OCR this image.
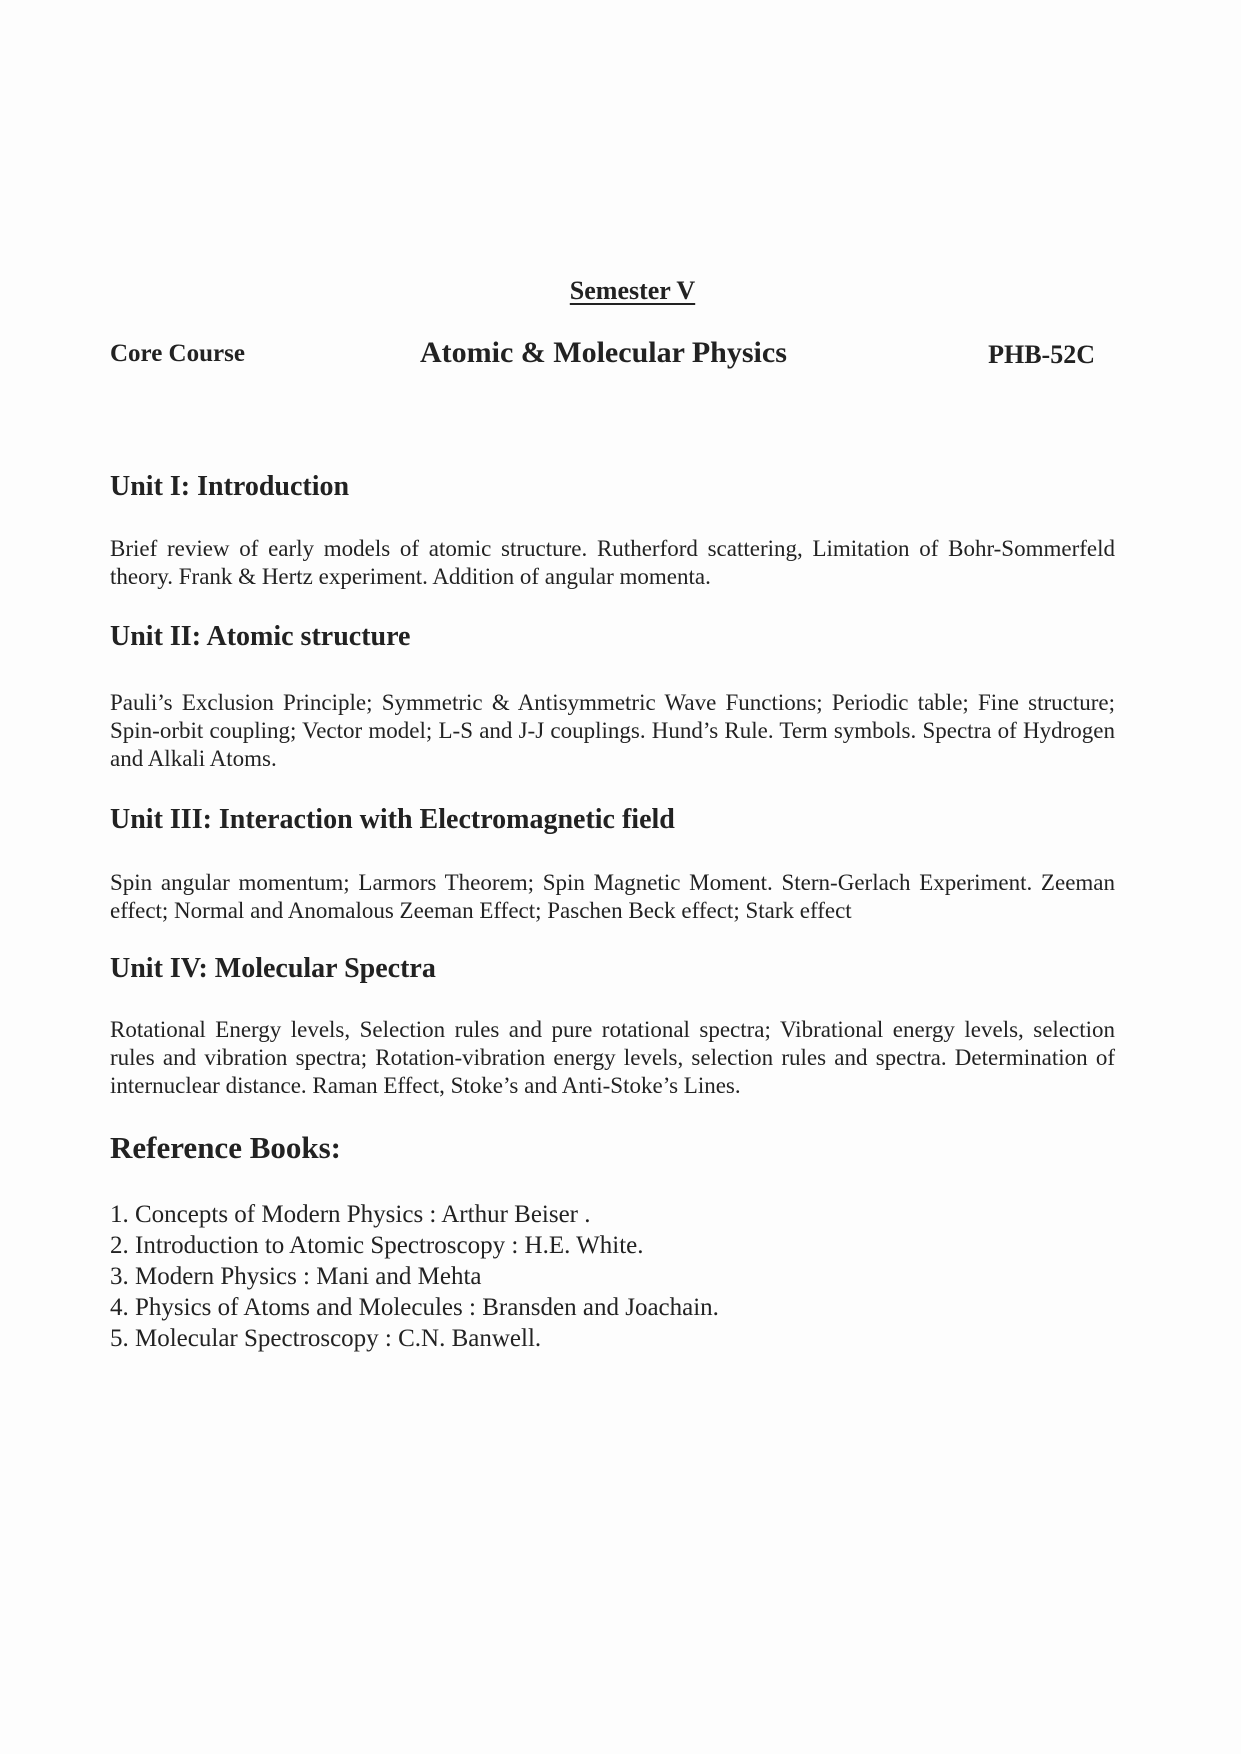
Semester V
Core Course	Atomic & Molecular Physics	PHB-52C
Unit I: Introduction
Brief review of early models of atomic structure. Rutherford scattering, Limitation of Bohr-Sommerfeld theory. Frank & Hertz experiment. Addition of angular momenta.
Unit II: Atomic structure
Pauli’s Exclusion Principle; Symmetric & Antisymmetric Wave Functions; Periodic table; Fine structure; Spin-orbit coupling; Vector model; L-S and J-J couplings. Hund’s Rule. Term symbols. Spectra of Hydrogen and Alkali Atoms.
Unit III: Interaction with Electromagnetic field
Spin angular momentum; Larmors Theorem; Spin Magnetic Moment. Stern-Gerlach Experiment. Zeeman effect; Normal and Anomalous Zeeman Effect; Paschen Beck effect; Stark effect
Unit IV: Molecular Spectra
Rotational Energy levels, Selection rules and pure rotational spectra; Vibrational energy levels, selection rules and vibration spectra; Rotation-vibration energy levels, selection rules and spectra. Determination of internuclear distance. Raman Effect, Stoke’s and Anti-Stoke’s Lines.
Reference Books:
1. Concepts of Modern Physics : Arthur Beiser .
2. Introduction to Atomic Spectroscopy : H.E. White.
3. Modern Physics : Mani and Mehta
4. Physics of Atoms and Molecules : Bransden and Joachain.
5. Molecular Spectroscopy : C.N. Banwell.
